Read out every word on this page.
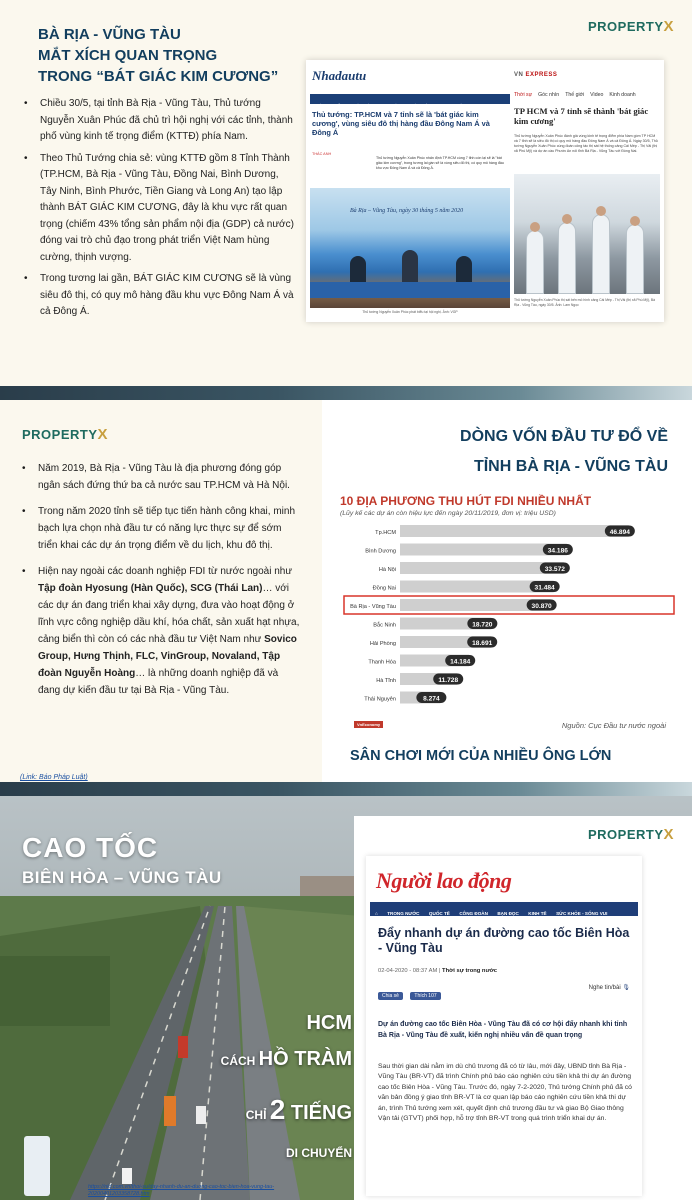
PROPERTYX
BÀ RỊA - VŨNG TÀU
MẮT XÍCH QUAN TRỌNG
TRONG “BÁT GIÁC KIM CƯƠNG”
• Chiều 30/5, tại tỉnh Bà Rịa - Vũng Tàu, Thủ tướng Nguyễn Xuân Phúc đã chủ trì hội nghị với các tỉnh, thành phố vùng kinh tế trọng điểm (KTTĐ) phía Nam.
• Theo Thủ Tướng chia sẻ: vùng KTTĐ gồm 8 Tỉnh Thành (TP.HCM, Bà Rịa - Vũng Tàu, Đồng Nai, Bình Dương, Tây Ninh, Bình Phước, Tiền Giang và Long An) tạo lập thành BÁT GIÁC KIM CƯƠNG, đây là khu vực rất quan trọng (chiếm 43% tổng sản phẩm nội địa (GDP) cả nước) đóng vai trò chủ đạo trong phát triển Việt Nam hùng cường, thịnh vượng.
• Trong tương lai gần, BÁT GIÁC KIM CƯƠNG sẽ là vùng siêu đô thị, có quy mô hàng đầu khu vực Đông Nam Á và cả Đông Á.
Nhadautu
THỜI SỰ ĐẦU TƯ TÀI CHÍNH THỊ TRƯỜNG PHÁP LUẬT DOANH NGHIỆP
Thủ tướng: TP.HCM và 7 tỉnh sẽ là 'bát giác kim cương', vùng siêu đô thị hàng đầu Đông Nam Á và Đông Á
THÁC ANH
Thủ tướng Nguyễn Xuân Phúc nhấn định TP.HCM cùng 7 tỉnh còn lại sẽ là "bát giác kim cương", trong tương lai gần sẽ là vùng siêu đô thị, có quy mô hàng đầu khu vực Đông Nam Á và cả Đông Á.
Bà Rịa – Vũng Tàu, ngày 30 tháng 5 năm 2020
Thủ tướng Nguyễn Xuân Phúc phát biểu tại hội nghị. Ảnh: VGP
VN EXPRESS
Thời sự Góc nhìn Thế giới Video Kinh doanh
TP HCM và 7 tỉnh sẽ thành 'bát giác kim cương'
Thủ tướng Nguyễn Xuân Phúc đánh giá vùng kinh tế trọng điểm phía Nam gồm TP HCM và 7 tỉnh sẽ là siêu đô thị có quy mô hàng đầu Đông Nam Á và cả Đông Á. Ngày 30/5, Thủ tướng Nguyễn Xuân Phúc cùng đoàn công tác thị sát hệ thống cảng Cái Mép - Thị Vải (thị xã Phú Mỹ) và dự án cầu Phước An nối tỉnh Bà Rịa - Vũng Tàu với Đồng Nai.
Thủ tướng Nguyễn Xuân Phúc thị sát bến mô hình cảng Cái Mép - Thị Vải (thị xã Phú Mỹ), Bà Rịa - Vũng Tàu, ngày 30/5. Ảnh: Lam Ngọc
PROPERTYX
• Năm 2019, Bà Rịa - Vũng Tàu là địa phương đóng góp ngân sách đứng thứ ba cả nước sau TP.HCM và Hà Nội.
• Trong năm 2020 tỉnh sẽ tiếp tục tiến hành công khai, minh bạch lựa chọn nhà đầu tư có năng lực thực sự để sớm triển khai các dự án trọng điểm về du lịch, khu đô thị.
• Hiện nay ngoài các doanh nghiệp FDI từ nước ngoài như Tập đoàn Hyosung (Hàn Quốc), SCG (Thái Lan)… với các dự án đang triển khai xây dựng, đưa vào hoạt động ở lĩnh vực công nghiệp dầu khí, hóa chất, sản xuất hạt nhựa, cảng biển thì còn có các nhà đầu tư Việt Nam như Sovico Group, Hưng Thịnh, FLC, VinGroup, Novaland, Tập đoàn Nguyễn Hoàng… là những doanh nghiệp đã và đang dự kiến đầu tư tại Bà Rịa - Vũng Tàu.
(Link: Báo Pháp Luật)
DÒNG VỐN ĐẦU TƯ ĐỔ VỀ
TỈNH BÀ RỊA - VŨNG TÀU
10 ĐỊA PHƯƠNG THU HÚT FDI NHIỀU NHẤT
(Lũy kế các dự án còn hiệu lực đến ngày 20/11/2019, đơn vị: triệu USD)
Tp.HCM	46.894
Bình Dương	34.186
Hà Nội	33.572
Đồng Nai	31.484
Bà Rịa - Vũng Tàu	30.870
Bắc Ninh	18.720
Hải Phòng	18.691
Thanh Hóa	14.184
Hà Tĩnh	11.728
Thái Nguyên	8.274
VnEconomy	Nguồn: Cục Đầu tư nước ngoài
SÂN CHƠI MỚI CỦA NHIỀU ÔNG LỚN
CAO TỐC
BIÊN HÒA – VŨNG TÀU
HCM
CÁCH HỒ TRÀM
CHỈ 2 TIẾNG
DI CHUYỂN
PROPERTYX
Người lao động
⌂ TRONG NƯỚC QUỐC TẾ CÔNG ĐOÀN BẠN ĐỌC KINH TẾ SỨC KHỎE - SỐNG VUI
Đẩy nhanh dự án đường cao tốc Biên Hòa - Vũng Tàu
02-04-2020 - 08:37 AM | Thời sự trong nước
Chia sẻ	Thích 107
Nghe tin/bài 🎙
Dự án đường cao tốc Biên Hòa - Vũng Tàu đã có cơ hội đẩy nhanh khi tỉnh Bà Rịa - Vũng Tàu đề xuất, kiến nghị nhiều vấn đề quan trọng
Sau thời gian dài nằm im dù chủ trương đã có từ lâu, mới đây, UBND tỉnh Bà Rịa - Vũng Tàu (BR-VT) đã trình Chính phủ báo cáo nghiên cứu tiền khả thi dự án đường cao tốc Biên Hòa - Vũng Tàu. Trước đó, ngày 7-2-2020, Thủ tướng Chính phủ đã có văn bản đồng ý giao tỉnh BR-VT là cơ quan lập báo cáo nghiên cứu tiền khả thi dự án, trình Thủ tướng xem xét, quyết định chủ trương đầu tư và giao Bộ Giao thông Vận tải (GTVT) phối hợp, hỗ trợ tỉnh BR-VT trong quá trình triển khai dự án.
https://nld.com.vn/thoi-su/day-nhanh-du-an-duong-cao-toc-bien-hoa-vung-tau-20200401203358728.htm
